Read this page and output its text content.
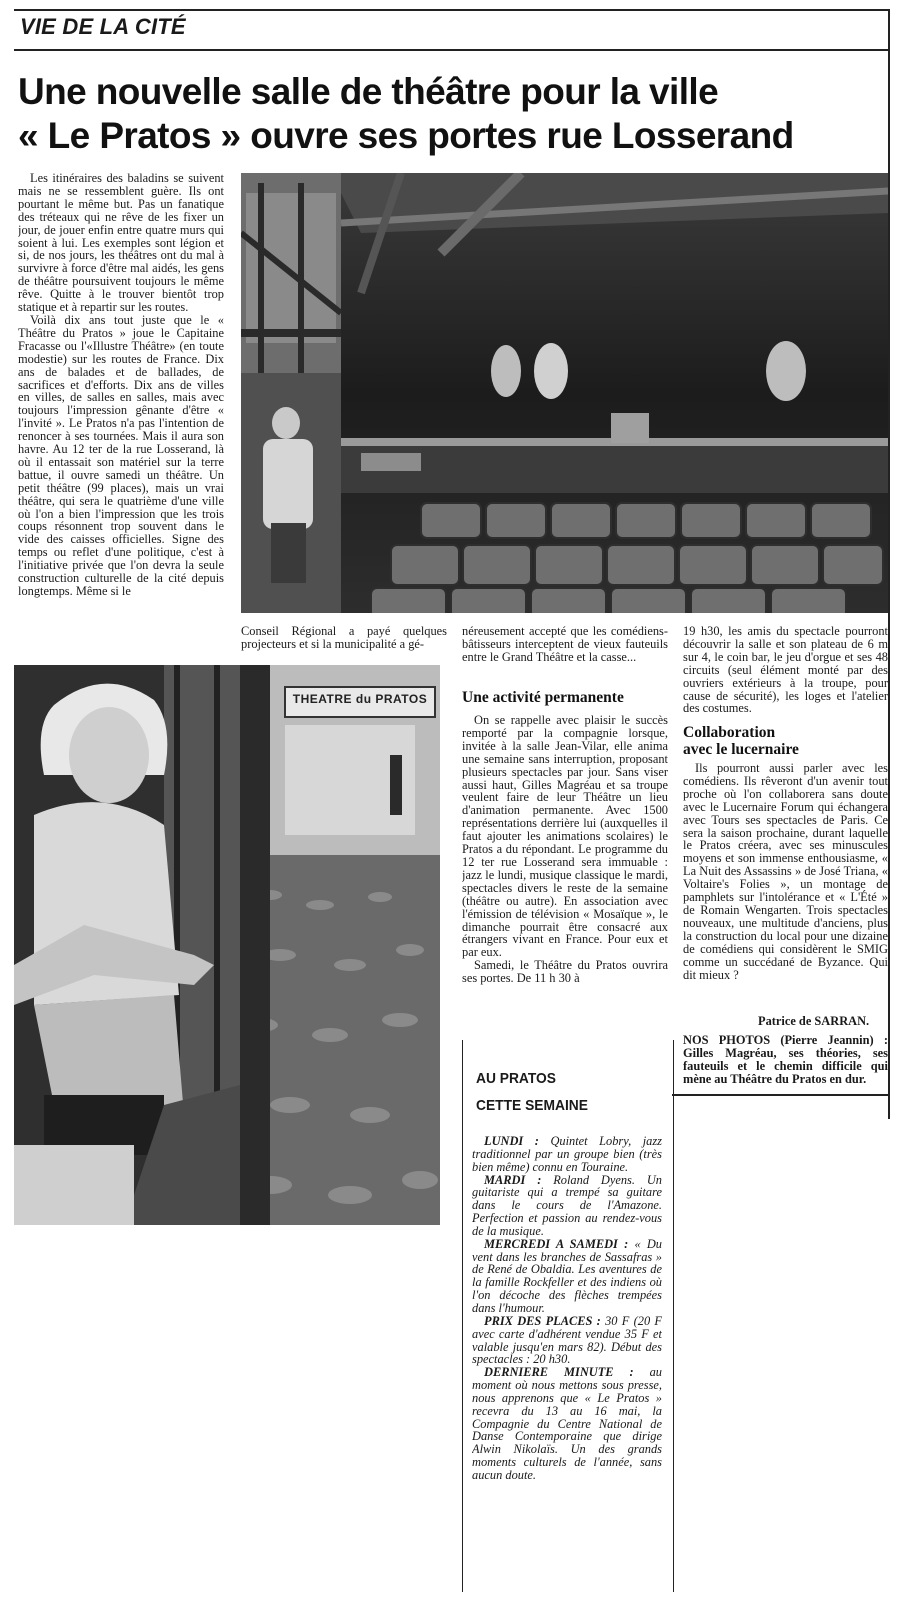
VIE DE LA CITÉ
Une nouvelle salle de théâtre pour la ville
« Le Pratos » ouvre ses portes rue Losserand

Les itinéraires des baladins se suivent mais ne se ressemblent guère. Ils ont pourtant le même but. Pas un fanatique des tréteaux qui ne rêve de les fixer un jour, de jouer enfin entre quatre murs qui soient à lui. Les exemples sont légion et si, de nos jours, les théâtres ont du mal à survivre à force d'être mal aidés, les gens de théâtre poursuivent toujours le même rêve. Quitte à le trouver bientôt trop statique et à repartir sur les routes.

Voilà dix ans tout juste que le « Théâtre du Pratos » joue le Capitaine Fracasse ou l'«Illustre Théâtre» (en toute modestie) sur les routes de France. Dix ans de balades et de ballades, de sacrifices et d'efforts. Dix ans de villes en villes, de salles en salles, mais avec toujours l'impression gênante d'être « l'invité ». Le Pratos n'a pas l'intention de renoncer à ses tournées. Mais il aura son havre. Au 12 ter de la rue Losserand, là où il entassait son matériel sur la terre battue, il ouvre samedi un théâtre. Un petit théâtre (99 places), mais un vrai théâtre, qui sera le quatrième d'une ville où l'on a bien l'impression que les trois coups résonnent trop souvent dans le vide des caisses officielles. Signe des temps ou reflet d'une politique, c'est à l'initiative privée que l'on devra la seule construction culturelle de la cité depuis longtemps. Même si le

Conseil Régional a payé quelques projecteurs et si la municipalité a gé-

néreusement accepté que les comédiens-bâtisseurs interceptent de vieux fauteuils entre le Grand Théâtre et la casse...

19 h30, les amis du spectacle pourront découvrir la salle et son plateau de 6 m sur 4, le coin bar, le jeu d'orgue et ses 48 circuits (seul élément monté par des ouvriers extérieurs à la troupe, pour cause de sécurité), les loges et l'atelier des costumes.

THEATRE du PRATOS	Une activité permanente

On se rappelle avec plaisir le succès remporté par la compagnie lorsque, invitée à la salle Jean-Vilar, elle anima une semaine sans interruption, proposant plusieurs spectacles par jour. Sans viser aussi haut, Gilles Magréau et sa troupe veulent faire de leur Théâtre un lieu d'animation permanente. Avec 1500 représentations derrière lui (auxquelles il faut ajouter les animations scolaires) le Pratos a du répondant. Le programme du 12 ter rue Losserand sera immuable : jazz le lundi, musique classique le mardi, spectacles divers le reste de la semaine (théâtre ou autre). En association avec l'émission de télévision « Mosaïque », le dimanche pourrait être consacré aux étrangers vivant en France. Pour eux et par eux.

Samedi, le Théâtre du Pratos ouvrira ses portes. De 11 h 30 à

Collaboration
avec le lucernaire

Ils pourront aussi parler avec les comédiens. Ils rêveront d'un avenir tout proche où l'on collaborera sans doute avec le Lucernaire Forum qui échangera avec Tours ses spectacles de Paris. Ce sera la saison prochaine, durant laquelle le Pratos créera, avec ses minuscules moyens et son immense enthousiasme, « La Nuit des Assassins » de José Triana, « Voltaire's Folies », un montage de pamphlets sur l'intolérance et « L'Été » de Romain Wengarten. Trois spectacles nouveaux, une multitude d'anciens, plus la construction du local pour une dizaine de comédiens qui considèrent le SMIG comme un succédané de Byzance. Qui dit mieux ?

Patrice de SARRAN.
NOS PHOTOS (Pierre Jeannin) : Gilles Magréau, ses théories, ses fauteuils et le chemin difficile qui mène au Théâtre du Pratos en dur.
AU PRATOS
CETTE SEMAINE

LUNDI : Quintet Lobry, jazz traditionnel par un groupe bien (très bien même) connu en Touraine.

MARDI : Roland Dyens. Un guitariste qui a trempé sa guitare dans le cours de l'Amazone. Perfection et passion au rendez-vous de la musique.

MERCREDI A SAMEDI : « Du vent dans les branches de Sassafras » de René de Obaldia. Les aventures de la famille Rockfeller et des indiens où l'on décoche des flèches trempées dans l'humour.

PRIX DES PLACES : 30 F (20 F avec carte d'adhérent vendue 35 F et valable jusqu'en mars 82). Début des spectacles : 20 h30.

DERNIERE MINUTE : au moment où nous mettons sous presse, nous apprenons que « Le Pratos » recevra du 13 au 16 mai, la Compagnie du Centre National de Danse Contemporaine que dirige Alwin Nikolaïs. Un des grands moments culturels de l'année, sans aucun doute.
